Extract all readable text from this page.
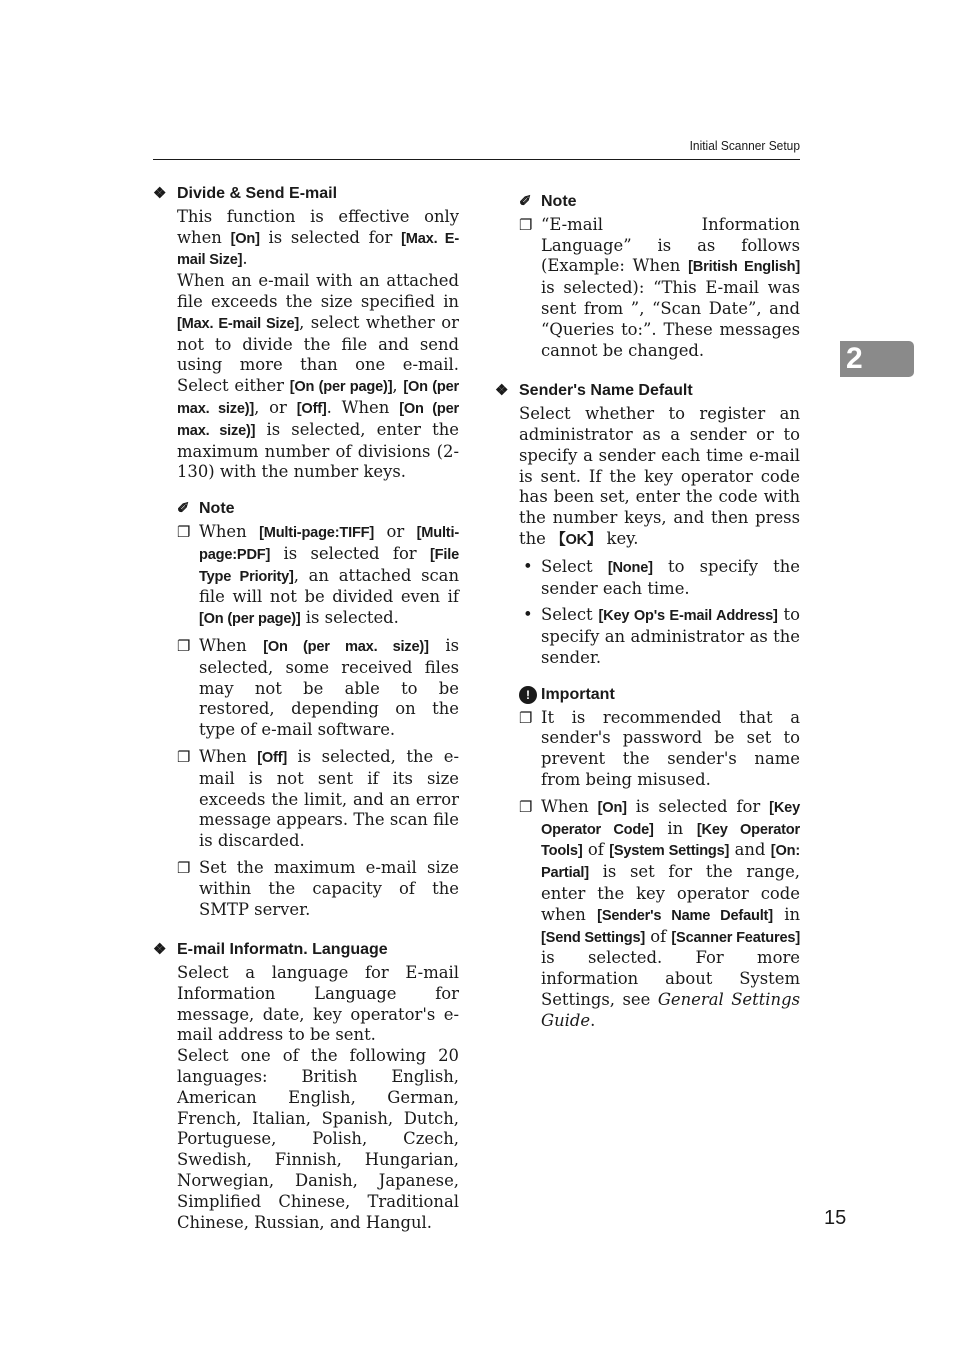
Initial Scanner Setup
2
❖ Divide & Send E-mail

This function is effective only when [On] is selected for [Max. E-mail Size].

When an e-mail with an attached file exceeds the size specified in [Max. E-mail Size], select whether or not to divide the file and send using more than one e-mail. Select either [On (per page)], [On (per max. size)], or [Off]. When [On (per max. size)] is selected, enter the maximum number of divisions (2-130) with the number keys.

✐ Note
❐ When [Multi-page:TIFF] or [Multi-page:PDF] is selected for [File Type Priority], an attached scan file will not be divided even if [On (per page)] is selected.

❐ When [On (per max. size)] is selected, some received files may not be able to be restored, depending on the type of e-mail software.

❐ When [Off] is selected, the e-mail is not sent if its size exceeds the limit, and an error message appears. The scan file is discarded.

❐ Set the maximum e-mail size within the capacity of the SMTP server.

❖ E-mail Informatn. Language

Select a language for E-mail Information Language for message, date, key operator's e-mail address to be sent.

Select one of the following 20 languages: British English, American English, German, French, Italian, Spanish, Dutch, Portuguese, Polish, Czech, Swedish, Finnish, Hungarian, Norwegian, Danish, Japanese, Simplified Chinese, Traditional Chinese, Russian, and Hangul.

✐ Note
❐ “E-mail Information Language” is as follows (Example: When [British English] is selected): “This E-mail was sent from ”, “Scan Date”, and “Queries to:”. These messages cannot be changed.

❖ Sender's Name Default

Select whether to register an administrator as a sender or to specify a sender each time e-mail is sent. If the key operator code has been set, enter the code with the number keys, and then press the 【OK】 key.

• Select [None] to specify the sender each time.

• Select [Key Op's E-mail Address] to specify an administrator as the sender.

! Important
❐ It is recommended that a sender's password be set to prevent the sender's name from being misused.

❐ When [On] is selected for [Key Operator Code] in [Key Operator Tools] of [System Settings] and [On: Partial] is set for the range, enter the key operator code when [Sender's Name Default] in [Send Settings] of [Scanner Features] is selected. For more information about System Settings, see General Settings Guide.

15
